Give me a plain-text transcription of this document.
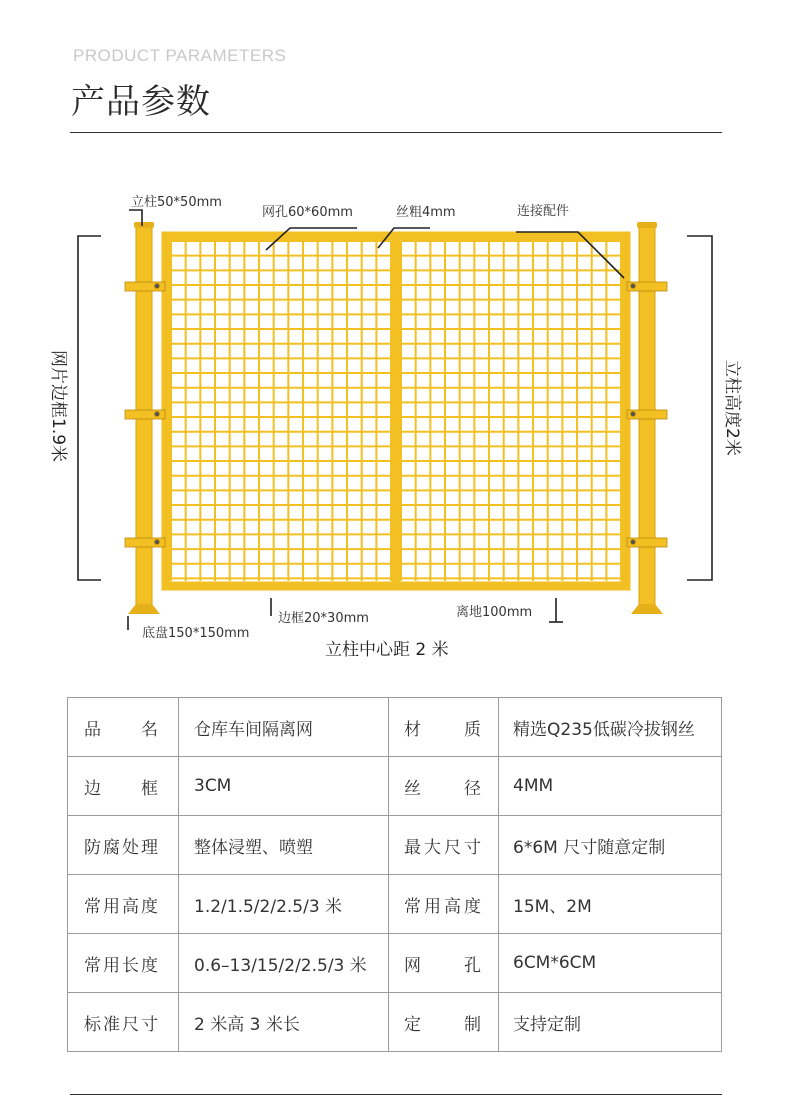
PRODUCT PARAMETERS
产品参数
立柱50*50mm
网孔60*60mm	丝粗4mm	连接配件
边框20*30mm	离地100mm
底盘150*150mm
立柱中心距 2 米
网片边框1.9米	立柱高度2米
品名	仓库车间隔离网	材质	精选Q235低碳冷拔钢丝
边框	3CM	丝径	4MM
防腐处理	整体浸塑、喷塑	最大尺寸	6*6M 尺寸随意定制
常用高度	1.2/1.5/2/2.5/3 米	常用高度	15M、2M
常用长度	0.6–13/15/2/2.5/3 米	网孔	6CM*6CM
标准尺寸	2 米高 3 米长	定制	支持定制
